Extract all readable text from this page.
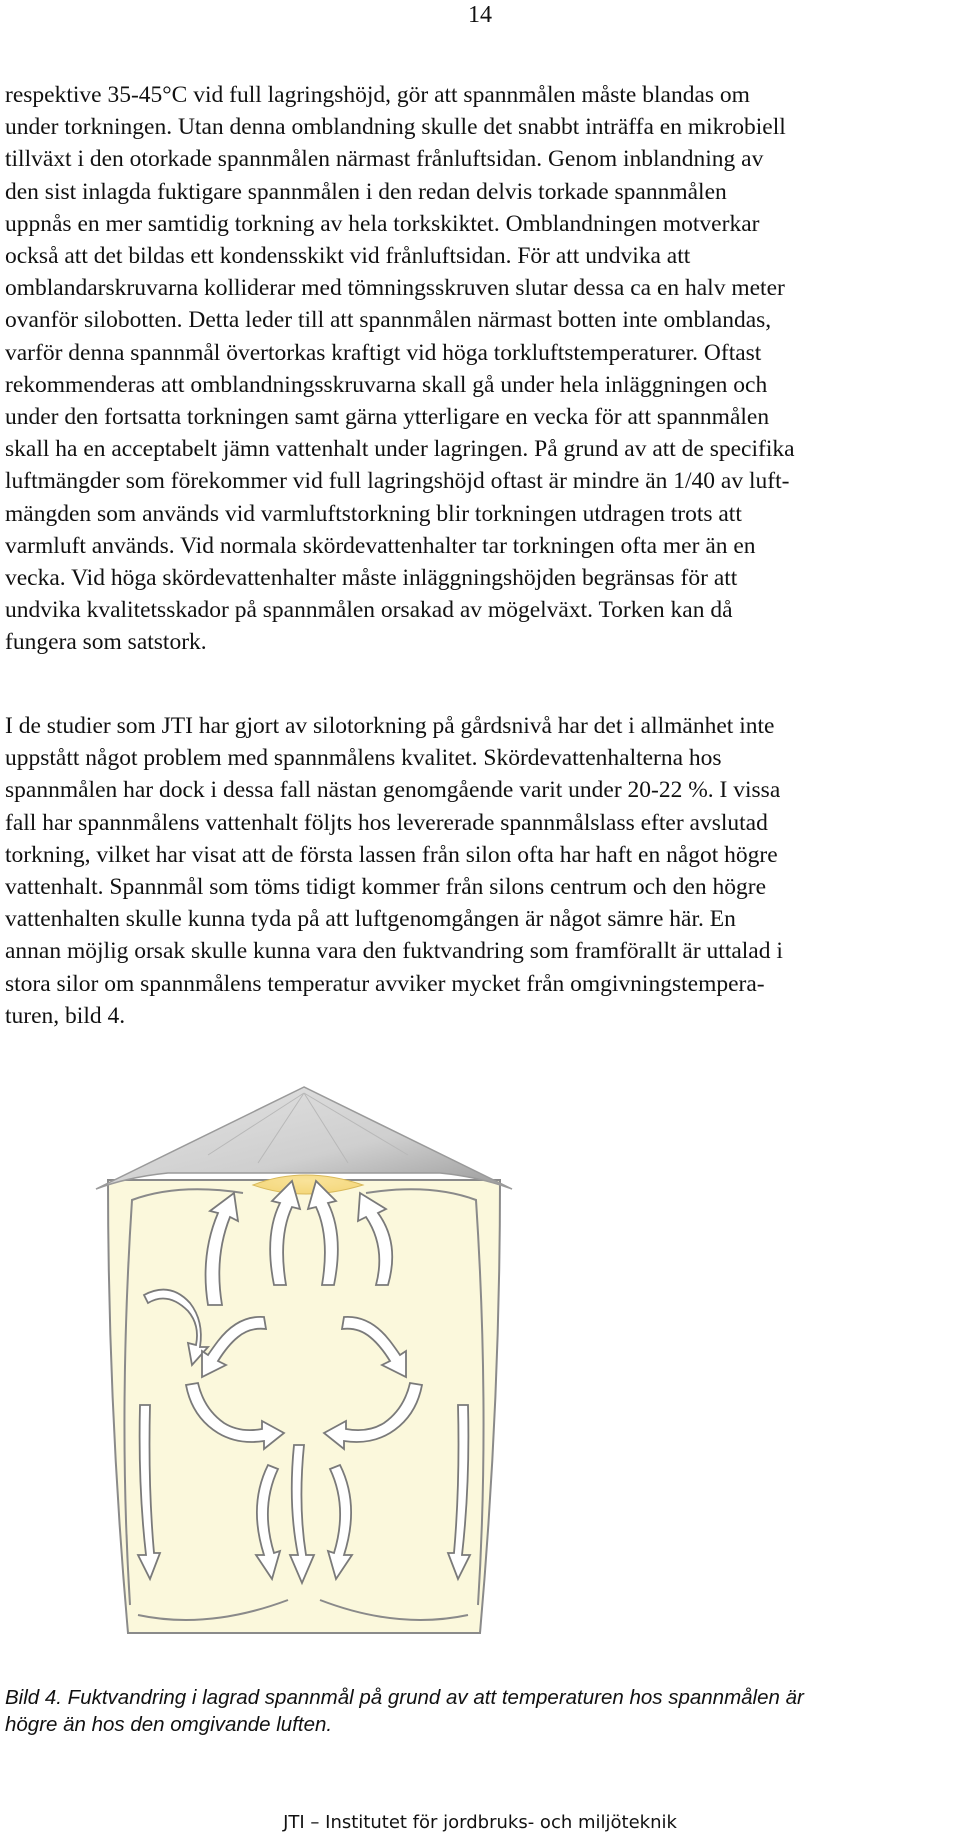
14
respektive 35-45°C vid full lagringshöjd, gör att spannmålen måste blandas om
under torkningen. Utan denna omblandning skulle det snabbt inträffa en mikrobiell
tillväxt i den otorkade spannmålen närmast frånluftsidan. Genom inblandning av
den sist inlagda fuktigare spannmålen i den redan delvis torkade spannmålen
uppnås en mer samtidig torkning av hela torkskiktet. Omblandningen motverkar
också att det bildas ett kondensskikt vid frånluftsidan. För att undvika att
omblandarskruvarna kolliderar med tömningsskruven slutar dessa ca en halv meter
ovanför silobotten. Detta leder till att spannmålen närmast botten inte omblandas,
varför denna spannmål övertorkas kraftigt vid höga torkluftstemperaturer. Oftast
rekommenderas att omblandningsskruvarna skall gå under hela inläggningen och
under den fortsatta torkningen samt gärna ytterligare en vecka för att spannmålen
skall ha en acceptabelt jämn vattenhalt under lagringen. På grund av att de specifika
luftmängder som förekommer vid full lagringshöjd oftast är mindre än 1/40 av luft-
mängden som används vid varmluftstorkning blir torkningen utdragen trots att
varmluft används. Vid normala skördevattenhalter tar torkningen ofta mer än en
vecka. Vid höga skördevattenhalter måste inläggningshöjden begränsas för att
undvika kvalitetsskador på spannmålen orsakad av mögelväxt. Torken kan då
fungera som satstork.
I de studier som JTI har gjort av silotorkning på gårdsnivå har det i allmänhet inte
uppstått något problem med spannmålens kvalitet. Skördevattenhalterna hos
spannmålen har dock i dessa fall nästan genomgående varit under 20-22 %. I vissa
fall har spannmålens vattenhalt följts hos levererade spannmålslass efter avslutad
torkning, vilket har visat att de första lassen från silon ofta har haft en något högre
vattenhalt. Spannmål som töms tidigt kommer från silons centrum och den högre
vattenhalten skulle kunna tyda på att luftgenomgången är något sämre här. En
annan möjlig orsak skulle kunna vara den fuktvandring som framförallt är uttalad i
stora silor om spannmålens temperatur avviker mycket från omgivningstempera-
turen, bild 4.
Bild 4. Fuktvandring i lagrad spannmål på grund av att temperaturen hos spannmålen är
högre än hos den omgivande luften.
JTI – Institutet för jordbruks- och miljöteknik
